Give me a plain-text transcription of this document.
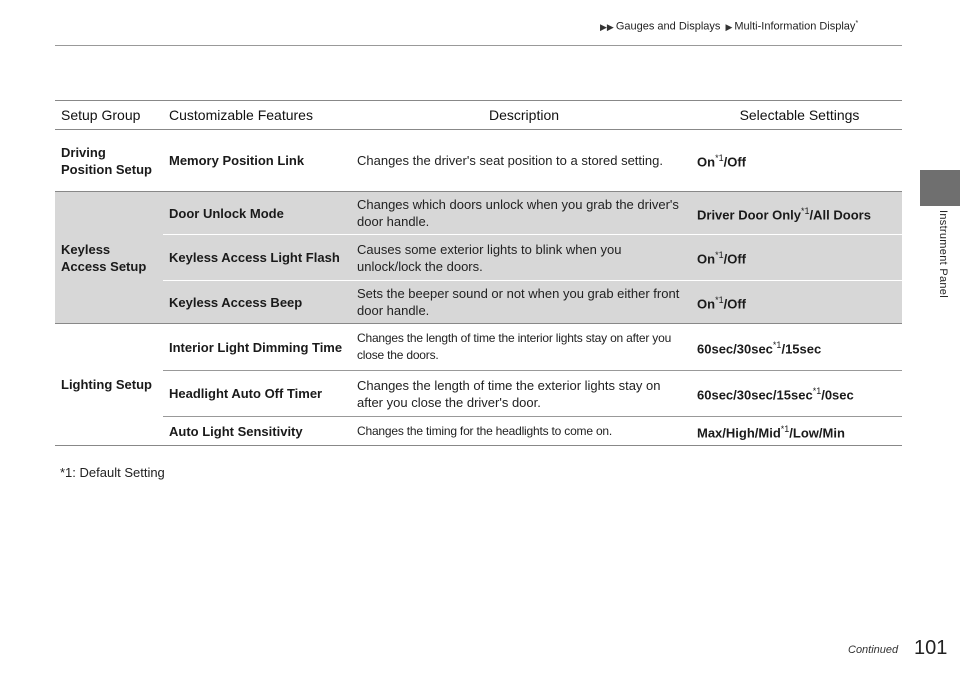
▶▶ Gauges and Displays ▶ Multi-Information Display*
Instrument Panel
Setup Group	Customizable Features	Description	Selectable Settings
Driving Position Setup	Memory Position Link	Changes the driver's seat position to a stored setting.	On$^{*1}$/Off
Keyless Access Setup	Door Unlock Mode	Changes which doors unlock when you grab the driver's door handle.	Driver Door Only$^{*1}$/All Doors
	Keyless Access Light Flash	Causes some exterior lights to blink when you unlock/lock the doors.	On$^{*1}$/Off
	Keyless Access Beep	Sets the beeper sound or not when you grab either front door handle.	On$^{*1}$/Off
Lighting Setup	Interior Light Dimming Time	Changes the length of time the interior lights stay on after you close the doors.	$60\sec/30\sec^{*1}/15\sec$
	Headlight Auto Off Timer	Changes the length of time the exterior lights stay on after you close the driver's door.	$60\sec/30\sec/15\sec^{*1}/0\sec$
	Auto Light Sensitivity	Changes the timing for the headlights to come on.	Max/High/Mid$^{*1}$/Low/Min
*1: Default Setting
Continued 101
